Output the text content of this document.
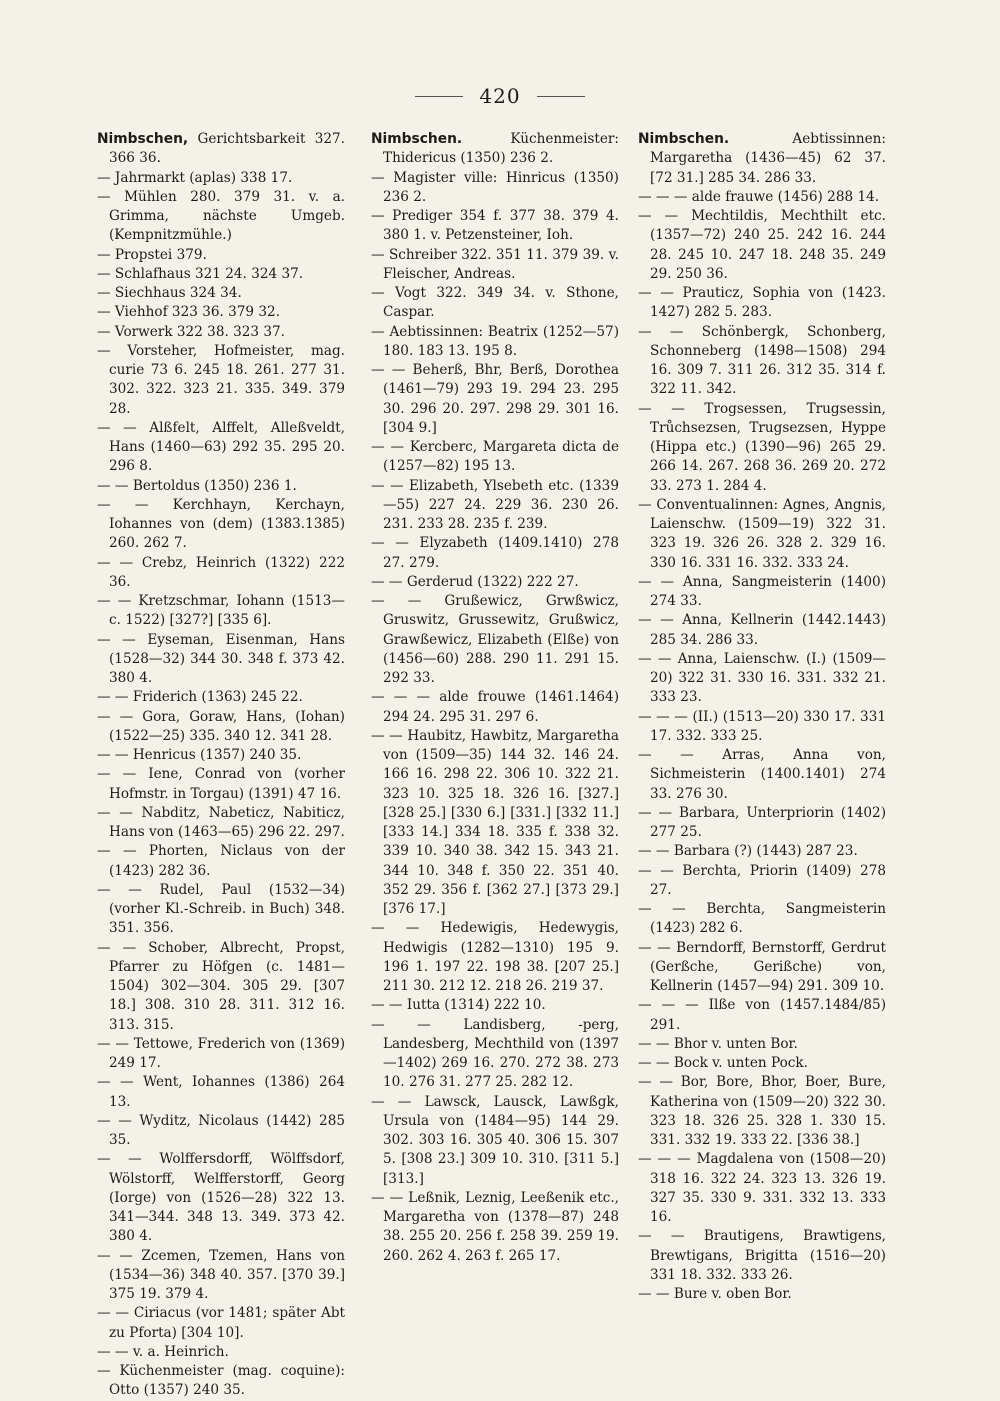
420
Nimbschen, Gerichtsbarkeit 327. 366 36.
— Jahrmarkt (aplas) 338 17.
— Mühlen 280. 379 31. v. a. Grimma, nächste Umgeb. (Kempnitzmühle.)
— Propstei 379.
— Schlafhaus 321 24. 324 37.
— Siechhaus 324 34.
— Viehhof 323 36. 379 32.
— Vorwerk 322 38. 323 37.
— Vorsteher, Hofmeister, mag. curie 73 6. 245 18. 261. 277 31. 302. 322. 323 21. 335. 349. 379 28.
— — Alßfelt, Alffelt, Alleßveldt, Hans (1460—63) 292 35. 295 20. 296 8.
— — Bertoldus (1350) 236 1.
— — Kerchhayn, Kerchayn, Iohannes von (dem) (1383.1385) 260. 262 7.
— — Crebz, Heinrich (1322) 222 36.
— — Kretzschmar, Iohann (1513—c. 1522) [327?] [335 6].
— — Eyseman, Eisenman, Hans (1528—32) 344 30. 348 f. 373 42. 380 4.
— — Friderich (1363) 245 22.
— — Gora, Goraw, Hans, (Iohan) (1522—25) 335. 340 12. 341 28.
— — Henricus (1357) 240 35.
— — Iene, Conrad von (vorher Hofmstr. in Torgau) (1391) 47 16.
— — Nabditz, Nabeticz, Nabiticz, Hans von (1463—65) 296 22. 297.
— — Phorten, Niclaus von der (1423) 282 36.
— — Rudel, Paul (1532—34) (vorher Kl.-Schreib. in Buch) 348. 351. 356.
— — Schober, Albrecht, Propst, Pfarrer zu Höfgen (c. 1481—1504) 302—304. 305 29. [307 18.] 308. 310 28. 311. 312 16. 313. 315.
— — Tettowe, Frederich von (1369) 249 17.
— — Went, Iohannes (1386) 264 13.
— — Wyditz, Nicolaus (1442) 285 35.
— — Wolffersdorff, Wölffsdorf, Wölstorff, Welfferstorff, Georg (Iorge) von (1526—28) 322 13. 341—344. 348 13. 349. 373 42. 380 4.
— — Zcemen, Tzemen, Hans von (1534—36) 348 40. 357. [370 39.] 375 19. 379 4.
— — Ciriacus (vor 1481; später Abt zu Pforta) [304 10].
— — v. a. Heinrich.
— Küchenmeister (mag. coquine): Otto (1357) 240 35.
Nimbschen.	Küchenmeister: Thidericus (1350) 236 2.
— Magister ville: Hinricus (1350) 236 2.
— Prediger 354 f. 377 38. 379 4. 380 1. v. Petzensteiner, Ioh.
— Schreiber 322. 351 11. 379 39. v. Fleischer, Andreas.
— Vogt 322. 349 34. v. Sthone, Caspar.
— Aebtissinnen: Beatrix (1252—57) 180. 183 13. 195 8.
— — Beherß, Bhr, Berß, Dorothea (1461—79) 293 19. 294 23. 295 30. 296 20. 297. 298 29. 301 16. [304 9.]
— — Kercberc, Margareta dicta de (1257—82) 195 13.
— — Elizabeth, Ylsebeth etc. (1339—55) 227 24. 229 36. 230 26. 231. 233 28. 235 f. 239.
— — Elyzabeth (1409.1410) 278 27. 279.
— — Gerderud (1322) 222 27.
— — Grußewicz, Grwßwicz, Gruswitz, Grussewitz, Grußwicz, Grawßewicz, Elizabeth (Elße) von (1456—60) 288. 290 11. 291 15. 292 33.
— — — alde frouwe (1461.1464) 294 24. 295 31. 297 6.
— — Haubitz, Hawbitz, Margaretha von (1509—35) 144 32. 146 24. 166 16. 298 22. 306 10. 322 21. 323 10. 325 18. 326 16. [327.] [328 25.] [330 6.] [331.] [332 11.] [333 14.] 334 18. 335 f. 338 32. 339 10. 340 38. 342 15. 343 21. 344 10. 348 f. 350 22. 351 40. 352 29. 356 f. [362 27.] [373 29.] [376 17.]
— — Hedewigis, Hedewygis, Hedwigis (1282—1310) 195 9. 196 1. 197 22. 198 38. [207 25.] 211 30. 212 12. 218 26. 219 37.
— — Iutta (1314) 222 10.
— — Landisberg, -perg, Landesberg, Mechthild von (1397—1402) 269 16. 270. 272 38. 273 10. 276 31. 277 25. 282 12.
— — Lawsck, Lausck, Lawßgk, Ursula von (1484—95) 144 29. 302. 303 16. 305 40. 306 15. 307 5. [308 23.] 309 10. 310. [311 5.] [313.]
— — Leßnik, Leznig, Leeßenik etc., Margaretha von (1378—87) 248 38. 255 20. 256 f. 258 39. 259 19. 260. 262 4. 263 f. 265 17.
Nimbschen.	Aebtissinnen: Margaretha (1436—45) 62 37. [72 31.] 285 34. 286 33.
— — — alde frauwe (1456) 288 14.
— — Mechtildis, Mechthilt etc. (1357—72) 240 25. 242 16. 244 28. 245 10. 247 18. 248 35. 249 29. 250 36.
— — Prauticz, Sophia von (1423. 1427) 282 5. 283.
— — Schönbergk, Schonberg, Schonneberg (1498—1508) 294 16. 309 7. 311 26. 312 35. 314 f. 322 11. 342.
— — Trogsessen, Trugsessin, Trůchsezsen, Trugsezsen, Hyppe (Hippa etc.) (1390—96) 265 29. 266 14. 267. 268 36. 269 20. 272 33. 273 1. 284 4.
— Conventualinnen: Agnes, Angnis, Laienschw. (1509—19) 322 31. 323 19. 326 26. 328 2. 329 16. 330 16. 331 16. 332. 333 24.
— — Anna, Sangmeisterin (1400) 274 33.
— — Anna, Kellnerin (1442.1443) 285 34. 286 33.
— — Anna, Laienschw. (I.) (1509—20) 322 31. 330 16. 331. 332 21. 333 23.
— — — (II.) (1513—20) 330 17. 331 17. 332. 333 25.
— — Arras, Anna von, Sichmeisterin (1400.1401) 274 33. 276 30.
— — Barbara, Unterpriorin (1402) 277 25.
— — Barbara (?) (1443) 287 23.
— — Berchta, Priorin (1409) 278 27.
— — Berchta, Sangmeisterin (1423) 282 6.
— — Berndorff, Bernstorff, Gerdrut (Gerßche, Gerißche) von, Kellnerin (1457—94) 291. 309 10.
— — — Ilße von (1457.1484/85) 291.
— — Bhor v. unten Bor.
— — Bock v. unten Pock.
— — Bor, Bore, Bhor, Boer, Bure, Katherina von (1509—20) 322 30. 323 18. 326 25. 328 1. 330 15. 331. 332 19. 333 22. [336 38.]
— — — Magdalena von (1508—20) 318 16. 322 24. 323 13. 326 19. 327 35. 330 9. 331. 332 13. 333 16.
— — Brautigens, Brawtigens, Brewtigans, Brigitta (1516—20) 331 18. 332. 333 26.
— — Bure v. oben Bor.
